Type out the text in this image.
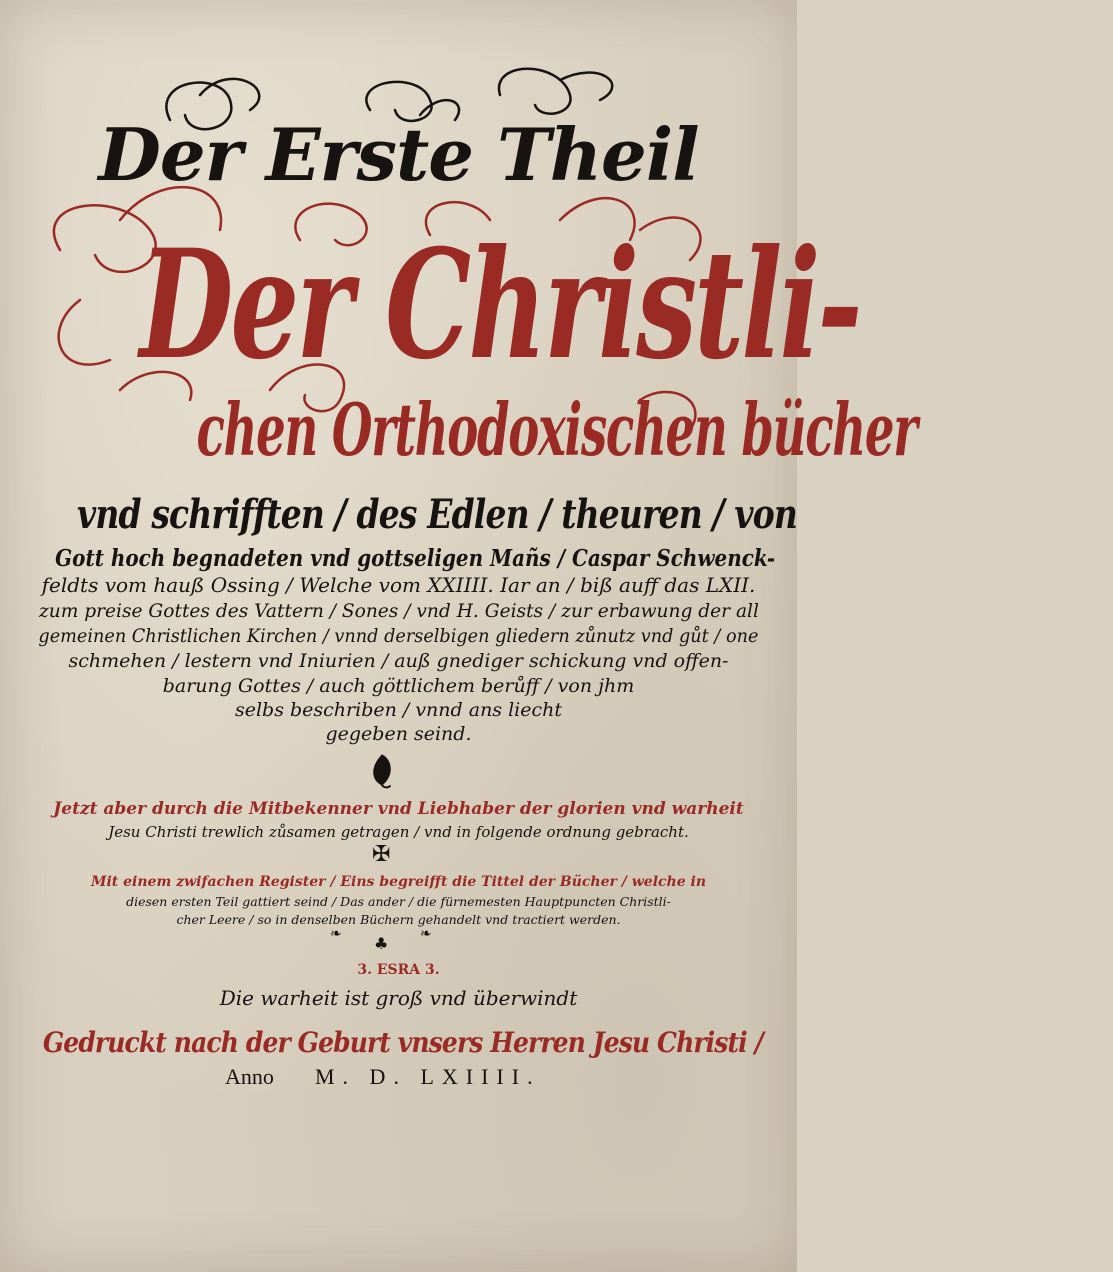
Der Erste Theil
Der Christli-
chen Orthodoxischen bücher
vnd schrifften / des Edlen / theuren / von
Gott hoch begnadeten vnd gottseligen Mañs / Caspar Schwenck-
feldts vom hauß Ossing / Welche vom XXIIII. Iar an / biß auff das LXII.
zum preise Gottes des Vattern / Sones / vnd H. Geists / zur erbawung der all
gemeinen Christlichen Kirchen / vnnd derselbigen gliedern zůnutz vnd gůt / one
schmehen / lestern vnd Iniurien / auß gnediger schickung vnd offen-
barung Gottes / auch göttlichem berůff / von jhm
selbs beschriben / vnnd ans liecht
gegeben seind.
Jetzt aber durch die Mitbekenner vnd Liebhaber der glorien vnd warheit
Jesu Christi trewlich zůsamen getragen / vnd in folgende ordnung gebracht.
✠
Mit einem zwifachen Register / Eins begreifft die Tittel der Bücher / welche in
diesen ersten Teil gattiert seind / Das ander / die fürnemesten Hauptpuncten Christli-
cher Leere / so in denselben Büchern gehandelt vnd tractiert werden.
❧ ♣ ❧
3. ESRA 3.
Die warheit ist groß vnd überwindt
Gedruckt nach der Geburt vnsers Herren Jesu Christi /
Anno M. D. LXIIII.
